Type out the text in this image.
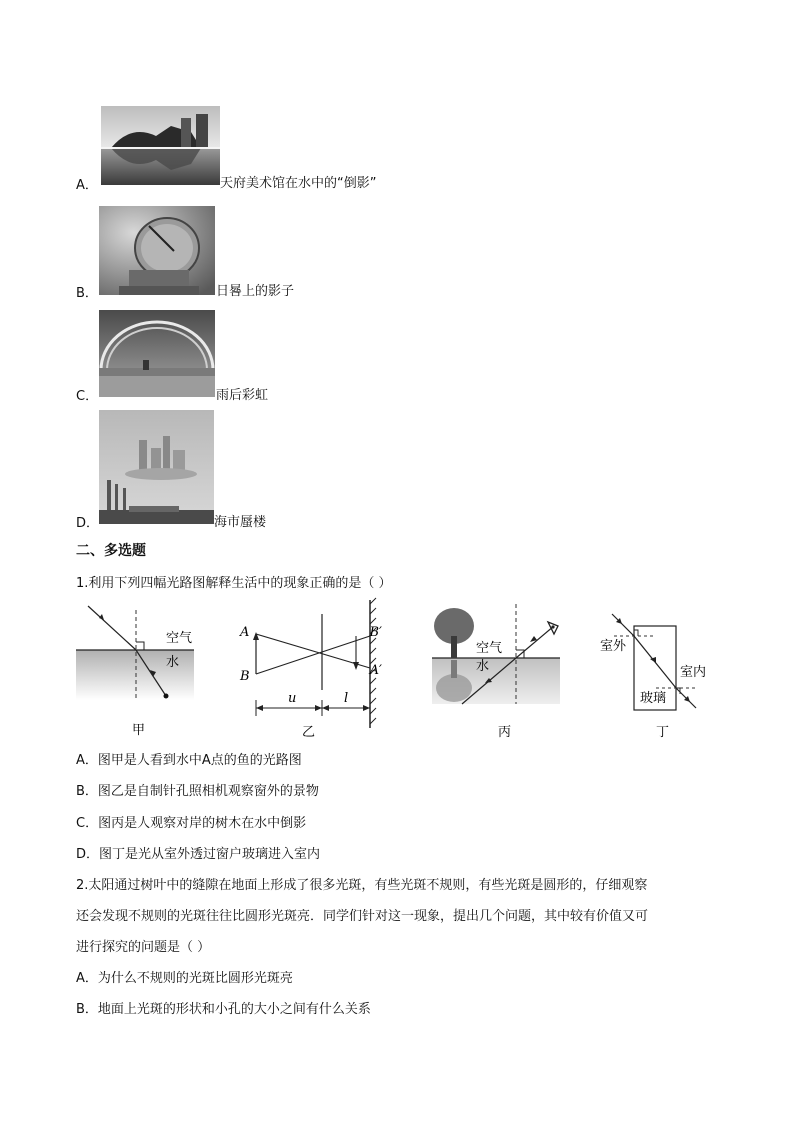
A．	天府美术馆在水中的“倒影”
B．	日晷上的影子
C．	雨后彩虹
D．	海市蜃楼
二、多选题
1.利用下列四幅光路图解释生活中的现象正确的是（ ）
空气
水
甲
A
B
B′
A′
u	l
乙
空气
水
丙
室外
室内
玻璃
丁
A．图甲是人看到水中A点的鱼的光路图
B．图乙是自制针孔照相机观察窗外的景物
C．图丙是人观察对岸的树木在水中倒影
D．图丁是光从室外透过窗户玻璃进入室内
2.太阳通过树叶中的缝隙在地面上形成了很多光斑，有些光斑不规则，有些光斑是圆形的，仔细观察
还会发现不规则的光斑往往比圆形光斑亮．同学们针对这一现象，提出几个问题，其中较有价值又可
进行探究的问题是（ ）
A．为什么不规则的光斑比圆形光斑亮
B．地面上光斑的形状和小孔的大小之间有什么关系
